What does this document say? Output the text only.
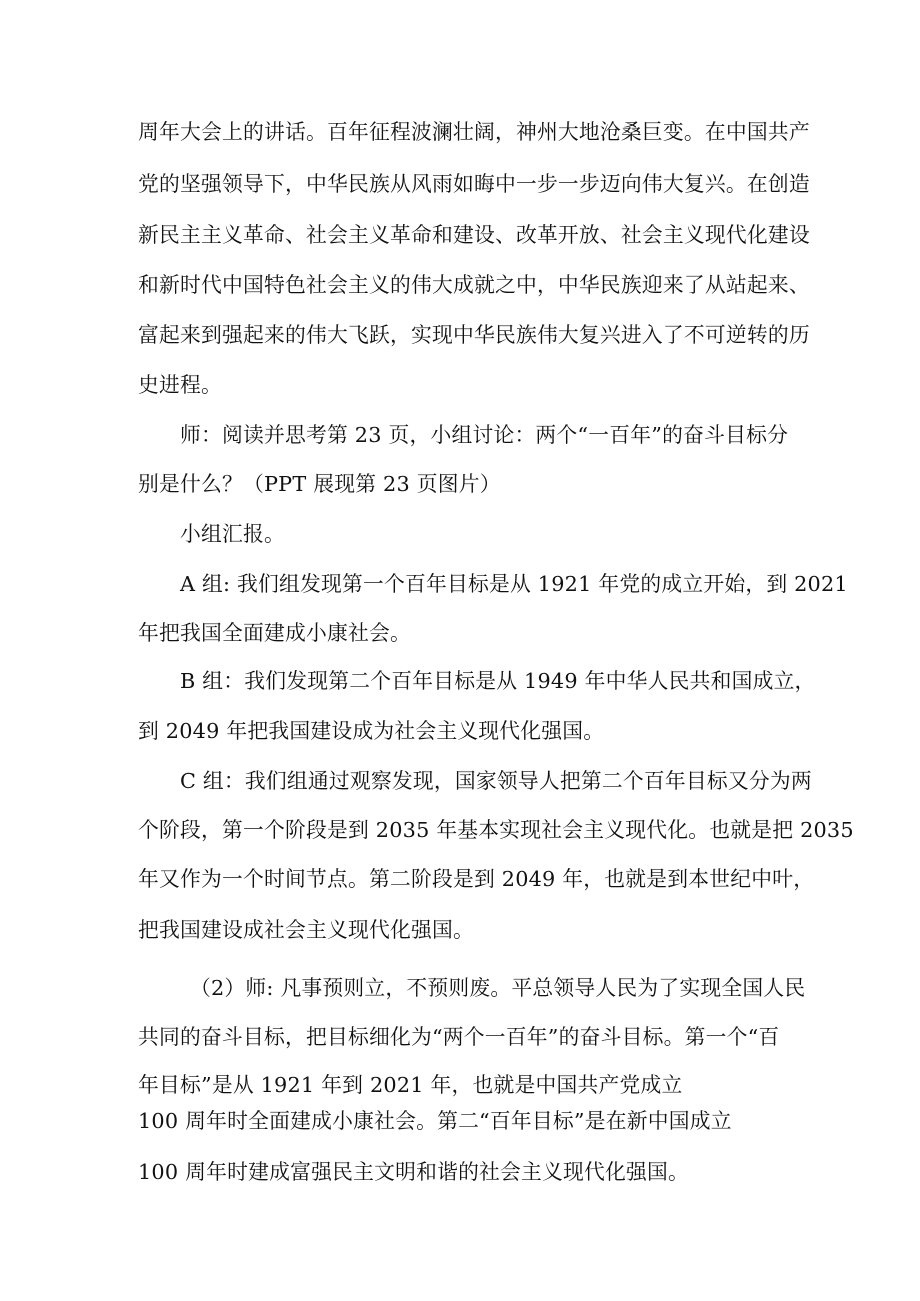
周年大会上的讲话。百年征程波澜壮阔，神州大地沧桑巨变。在中国共产
党的坚强领导下，中华民族从风雨如晦中一步一步迈向伟大复兴。在创造
新民主主义革命、社会主义革命和建设、改革开放、社会主义现代化建设
和新时代中国特色社会主义的伟大成就之中，中华民族迎来了从站起来、
富起来到强起来的伟大飞跃，实现中华民族伟大复兴进入了不可逆转的历
史进程。
师：阅读并思考第 23 页，小组讨论：两个“一百年”的奋斗目标分
别是什么？（PPT 展现第 23 页图片）
小组汇报。
A 组: 我们组发现第一个百年目标是从 1921 年党的成立开始，到 2021
年把我国全面建成小康社会。
B 组：我们发现第二个百年目标是从 1949 年中华人民共和国成立，
到 2049 年把我国建设成为社会主义现代化强国。
C 组：我们组通过观察发现，国家领导人把第二个百年目标又分为两
个阶段，第一个阶段是到 2035 年基本实现社会主义现代化。也就是把 2035
年又作为一个时间节点。第二阶段是到 2049 年，也就是到本世纪中叶，
把我国建设成社会主义现代化强国。
（2）师: 凡事预则立，不预则废。平总领导人民为了实现全国人民
共同的奋斗目标，把目标细化为“两个一百年”的奋斗目标。第一个“百
年目标”是从 1921 年到 2021 年，也就是中国共产党成立
100 周年时全面建成小康社会。第二“百年目标”是在新中国成立
100 周年时建成富强民主文明和谐的社会主义现代化强国。
